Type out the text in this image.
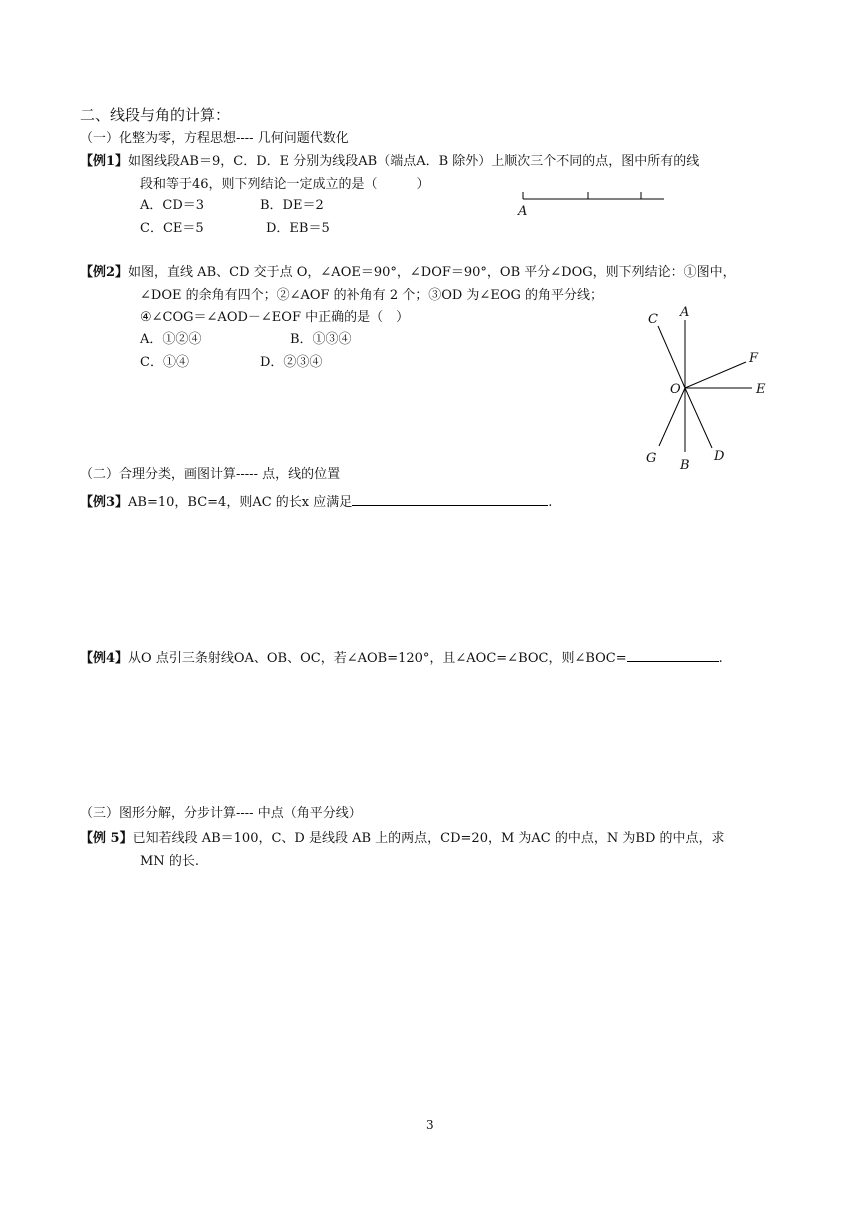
二、线段与角的计算：
（一）化整为零，方程思想---- 几何问题代数化
【例1】如图线段AB＝9，C．D．E 分别为线段AB（端点A．B 除外）上顺次三个不同的点，图中所有的线
段和等于46，则下列结论一定成立的是（　　　）
A．CD＝3	B．DE＝2
C．CE＝5	D．EB＝5
A
【例2】如图，直线 AB、CD 交于点 O，∠AOE＝90°，∠DOF＝90°，OB 平分∠DOG，则下列结论：①图中，
∠DOE 的余角有四个；②∠AOF 的补角有 2 个；③OD 为∠EOG 的角平分线；
④∠COG＝∠AOD－∠EOF 中正确的是（　）
A．①②④	B．①③④
C．①④	D．②③④
A
C
F
O	E
G	D
B
（二）合理分类，画图计算----- 点，线的位置
【例3】AB=10，BC=4，则AC 的长x 应满足	.
【例4】从O 点引三条射线OA、OB、OC，若∠AOB=120°，且∠AOC=∠BOC，则∠BOC=	.
（三）图形分解，分步计算---- 中点（角平分线）
【例 5】已知若线段 AB＝100，C、D 是线段 AB 上的两点，CD=20，M 为AC 的中点，N 为BD 的中点，求
MN 的长.
3
